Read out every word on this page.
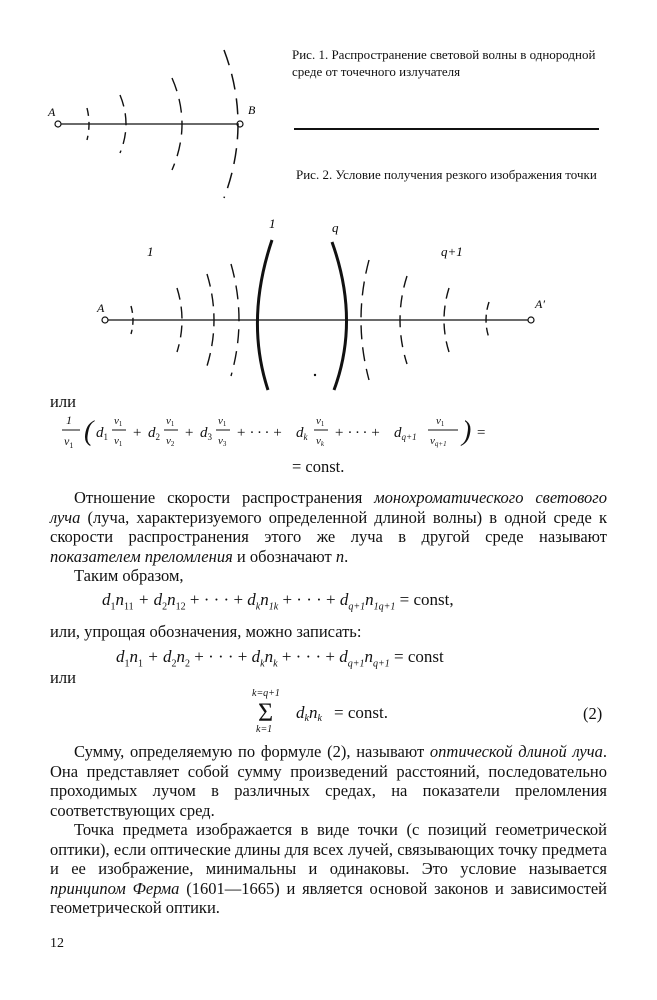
A	B
Рис. 1. Распространение световой волны в однородной среде от точечного излучателя
Рис. 2. Условие получения резкого изображения точки
A	A′
1
1	q
q+1
или
1
$v_1$ ( $d_1$
v1
v1
+ $d_2$
v1
v2
+ $d_3$
v1
v3
+ · · · + $d_k$
v1
vk
+ · · · + $d_{q+1}$
v1
vq+1 ) =
= const.
Отношение скорости распространения монохроматического светового луча (луча, характеризуемого определенной длиной волны) в одной среде к скорости распространения этого же луча в другой среде называют показателем преломления и обозначают n.
Таким образом,
$d_1n_{11} + d_2n_{12}$ + · · · + $d_kn_{1k}$ + · · · + $d_{q+1}n_{1q+1}$ = const,
или, упрощая обозначения, можно записать:
$d_1n_1 + d_2n_2$ + · · · + $d_kn_k$ + · · · + $d_{q+1}n_{q+1}$ = const
или
k=q+1
Σ
k=1
dknk = const.	(2)
Сумму, определяемую по формуле (2), называют оптической длиной луча. Она представляет собой сумму произведений расстояний, последовательно проходимых лучом в различных средах, на показатели преломления соответствующих сред.
Точка предмета изображается в виде точки (с позиций геометрической оптики), если оптические длины для всех лучей, связывающих точку предмета и ее изображение, минимальны и одинаковы. Это условие называется принципом Ферма (1601—1665) и является основой законов и зависимостей геометрической оптики.
12
